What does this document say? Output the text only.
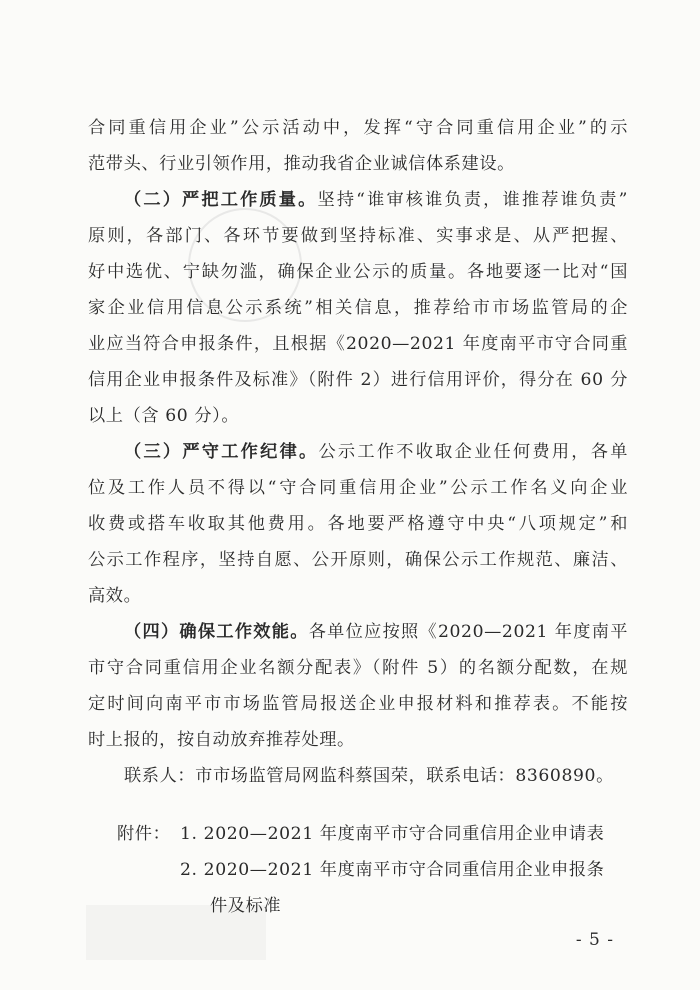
合同重信用企业”公示活动中，发挥“守合同重信用企业”的示
范带头、行业引领作用，推动我省企业诚信体系建设。
（二）严把工作质量。坚持“谁审核谁负责，谁推荐谁负责”
原则，各部门、各环节要做到坚持标准、实事求是、从严把握、
好中选优、宁缺勿滥，确保企业公示的质量。各地要逐一比对“国
家企业信用信息公示系统”相关信息，推荐给市市场监管局的企
业应当符合申报条件，且根据《2020—2021 年度南平市守合同重
信用企业申报条件及标准》（附件 2）进行信用评价，得分在 60 分
以上（含 60 分）。
（三）严守工作纪律。公示工作不收取企业任何费用，各单
位及工作人员不得以“守合同重信用企业”公示工作名义向企业
收费或搭车收取其他费用。各地要严格遵守中央“八项规定”和
公示工作程序，坚持自愿、公开原则，确保公示工作规范、廉洁、
高效。
（四）确保工作效能。各单位应按照《2020—2021 年度南平
市守合同重信用企业名额分配表》（附件 5）的名额分配数，在规
定时间向南平市市场监管局报送企业申报材料和推荐表。不能按
时上报的，按自动放弃推荐处理。
联系人：市市场监管局网监科蔡国荣，联系电话：8360890。
附件： 1. 2020—2021 年度南平市守合同重信用企业申请表
2. 2020—2021 年度南平市守合同重信用企业申报条
件及标准
- 5 -
